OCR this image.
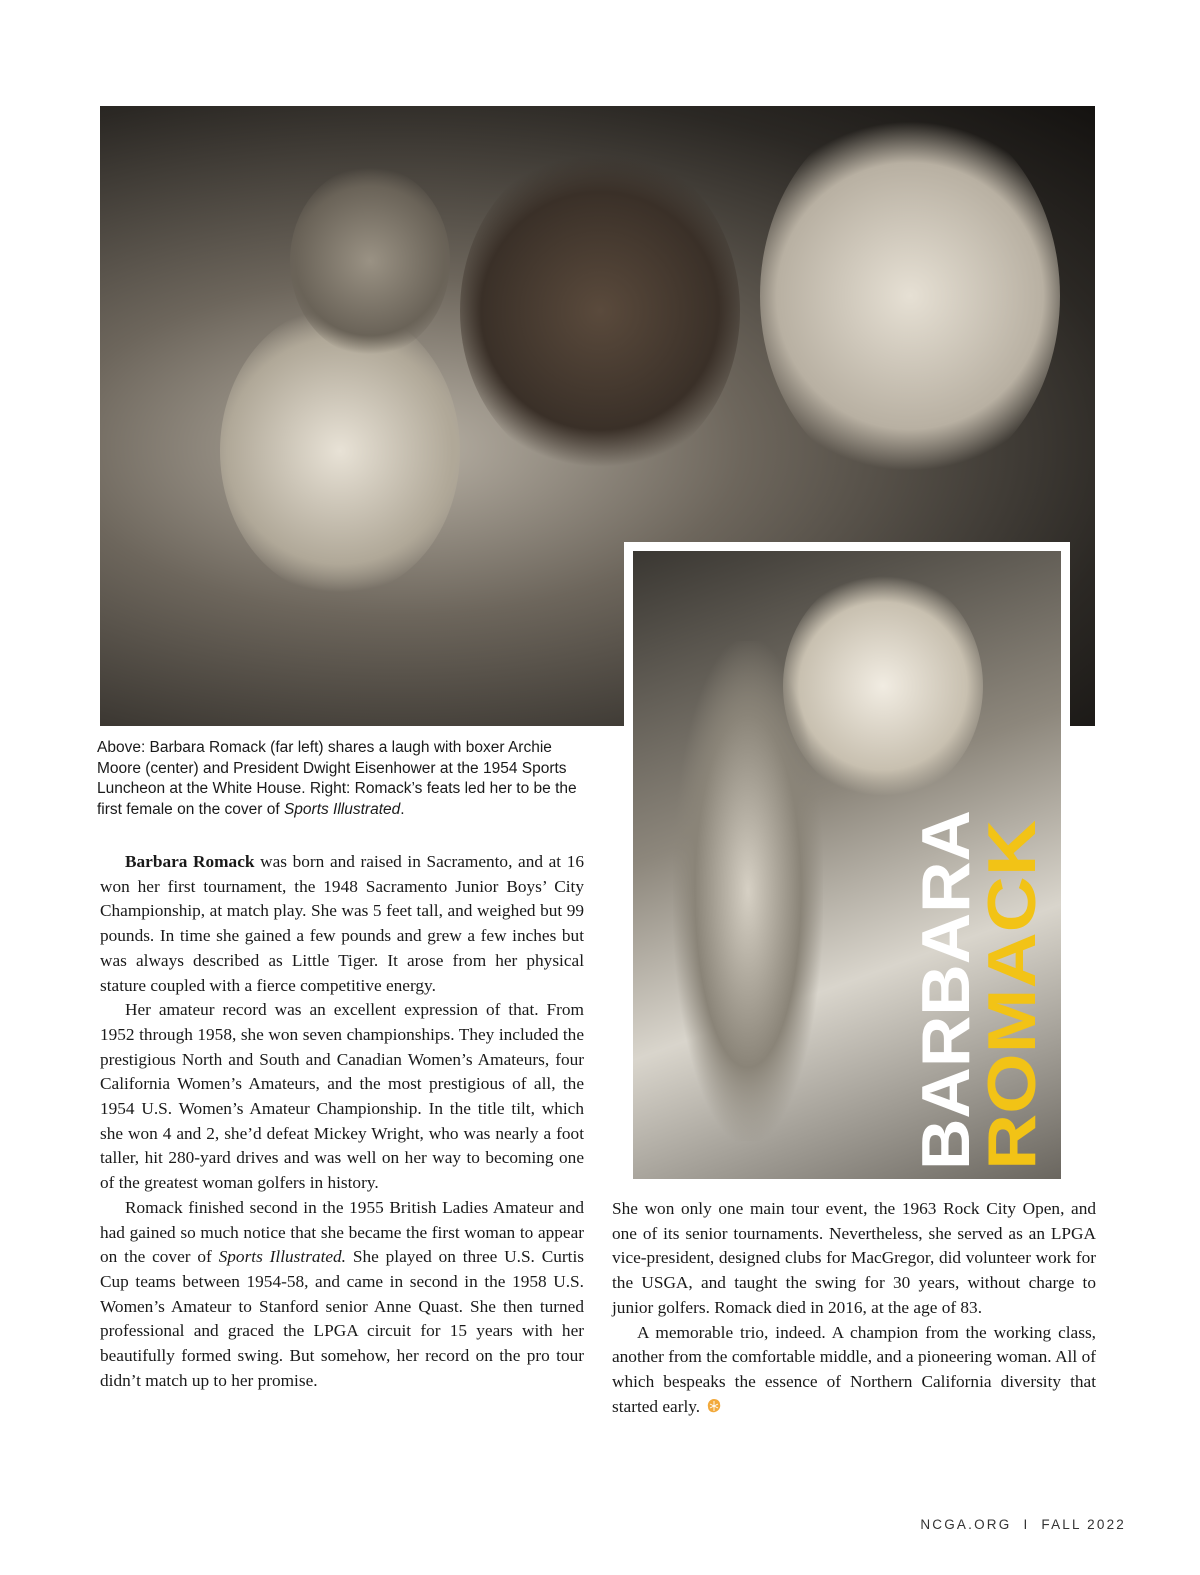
BARBARA
ROMACK
Above: Barbara Romack (far left) shares a laugh with boxer Archie Moore (center) and President Dwight Eisenhower at the 1954 Sports Luncheon at the White House. Right: Romack’s feats led her to be the first female on the cover of Sports Illustrated.

Barbara Romack was born and raised in Sacramento, and at 16 won her first tournament, the 1948 Sacramento Junior Boys’ City Championship, at match play. She was 5 feet tall, and weighed but 99 pounds. In time she gained a few pounds and grew a few inches but was always described as Little Tiger. It arose from her physical stature coupled with a fierce competitive energy.

Her amateur record was an excellent expression of that. From 1952 through 1958, she won seven championships. They included the prestigious North and South and Canadian Women’s Amateurs, four California Women’s Amateurs, and the most prestigious of all, the 1954 U.S. Women’s Amateur Championship. In the title tilt, which she won 4 and 2, she’d defeat Mickey Wright, who was nearly a foot taller, hit 280-yard drives and was well on her way to becoming one of the greatest woman golfers in history.

Romack finished second in the 1955 British Ladies Amateur and had gained so much notice that she became the first woman to appear on the cover of Sports Illustrated. She played on three U.S. Curtis Cup teams between 1954-58, and came in second in the 1958 U.S. Women’s Amateur to Stanford senior Anne Quast. She then turned professional and graced the LPGA circuit for 15 years with her beautifully formed swing. But somehow, her record on the pro tour didn’t match up to her promise.

She won only one main tour event, the 1963 Rock City Open, and one of its senior tournaments. Nevertheless, she served as an LPGA vice-president, designed clubs for MacGregor, did volunteer work for the USGA, and taught the swing for 30 years, without charge to junior golfers. Romack died in 2016, at the age of 83.

A memorable trio, indeed. A champion from the working class, another from the comfortable middle, and a pioneering woman. All of which bespeaks the essence of Northern California diversity that started early.

NCGA.ORG I FALL 2022
